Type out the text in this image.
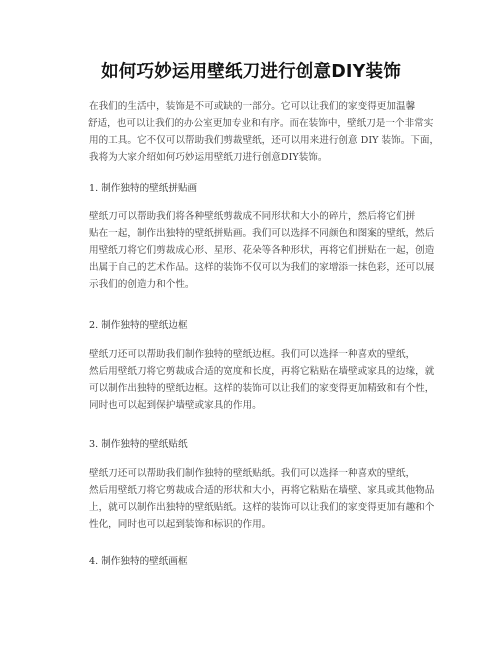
如何巧妙运用壁纸刀进行创意DIY装饰
在我们的生活中，装饰是不可或缺的一部分。它可以让我们的家变得更加温馨
舒适，也可以让我们的办公室更加专业和有序。而在装饰中，壁纸刀是一个非常实
用的工具。它不仅可以帮助我们剪裁壁纸，还可以用来进行创意 DIY 装饰。下面，
我将为大家介绍如何巧妙运用壁纸刀进行创意DIY装饰。
1. 制作独特的壁纸拼贴画
壁纸刀可以帮助我们将各种壁纸剪裁成不同形状和大小的碎片，然后将它们拼
贴在一起，制作出独特的壁纸拼贴画。我们可以选择不同颜色和图案的壁纸，然后
用壁纸刀将它们剪裁成心形、星形、花朵等各种形状，再将它们拼贴在一起，创造
出属于自己的艺术作品。这样的装饰不仅可以为我们的家增添一抹色彩，还可以展
示我们的创造力和个性。
2. 制作独特的壁纸边框
壁纸刀还可以帮助我们制作独特的壁纸边框。我们可以选择一种喜欢的壁纸，
然后用壁纸刀将它剪裁成合适的宽度和长度，再将它粘贴在墙壁或家具的边缘，就
可以制作出独特的壁纸边框。这样的装饰可以让我们的家变得更加精致和有个性，
同时也可以起到保护墙壁或家具的作用。
3. 制作独特的壁纸贴纸
壁纸刀还可以帮助我们制作独特的壁纸贴纸。我们可以选择一种喜欢的壁纸，
然后用壁纸刀将它剪裁成合适的形状和大小，再将它粘贴在墙壁、家具或其他物品
上，就可以制作出独特的壁纸贴纸。这样的装饰可以让我们的家变得更加有趣和个
性化，同时也可以起到装饰和标识的作用。
4. 制作独特的壁纸画框
